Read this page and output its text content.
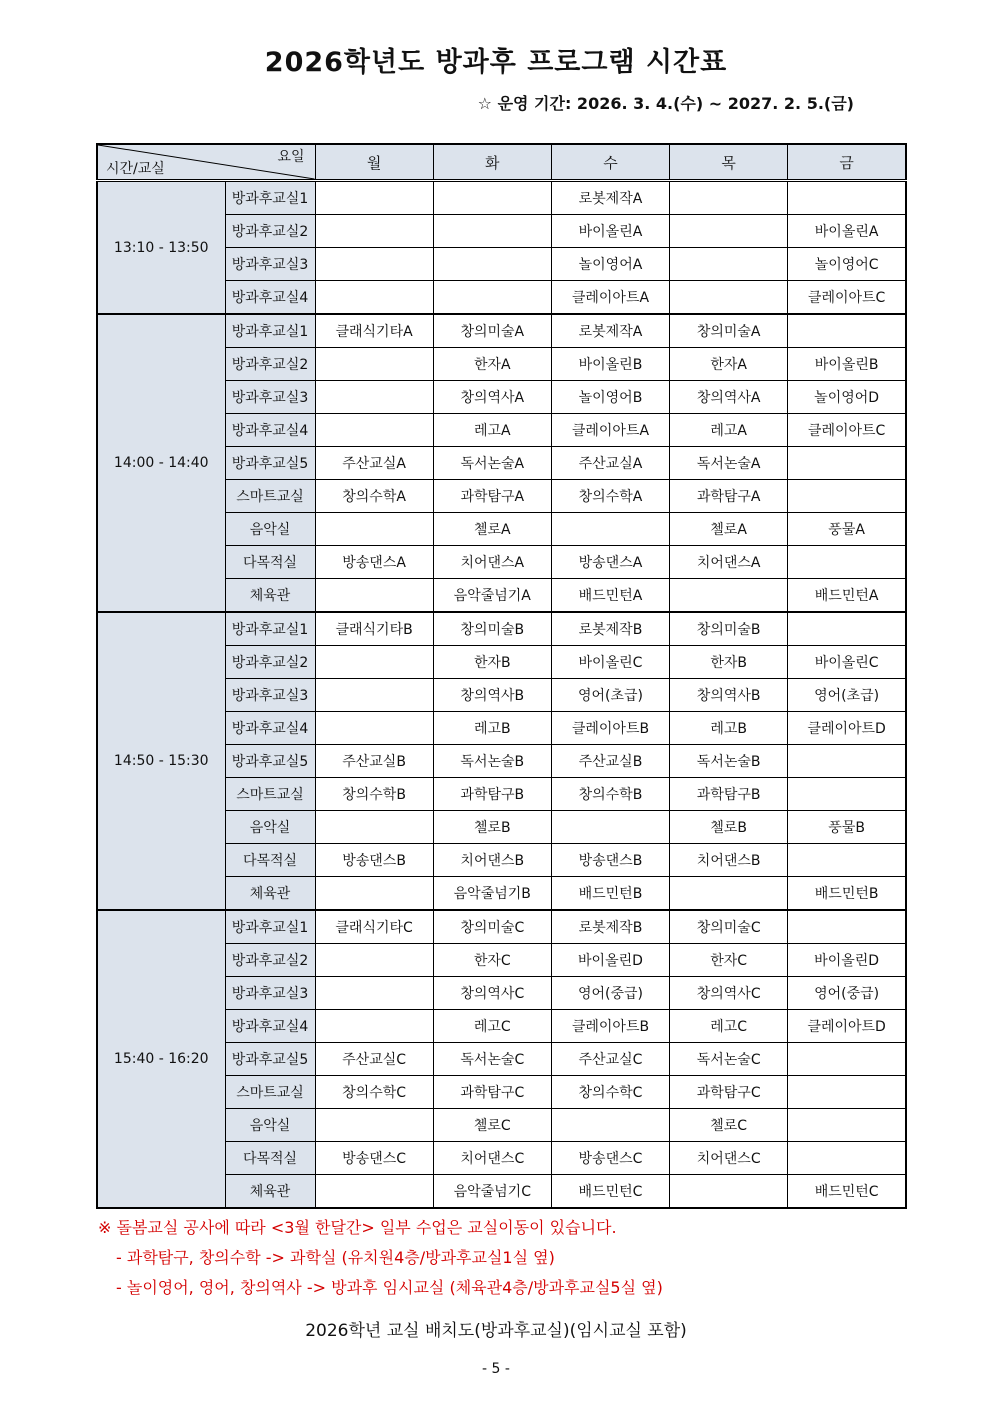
2026학년도 방과후 프로그램 시간표
☆ 운영 기간: 2026. 3. 4.(수) ~ 2027. 2. 5.(금)
요일
시간/교실		월	화	수	목	금
13:10 - 13:50	방과후교실1			로봇제작A		
	방과후교실2			바이올린A		바이올린A
	방과후교실3			놀이영어A		놀이영어C
	방과후교실4			클레이아트A		클레이아트C
14:00 - 14:40	방과후교실1	클래식기타A	창의미술A	로봇제작A	창의미술A	
	방과후교실2		한자A	바이올린B	한자A	바이올린B
	방과후교실3		창의역사A	놀이영어B	창의역사A	놀이영어D
	방과후교실4		레고A	클레이아트A	레고A	클레이아트C
	방과후교실5	주산교실A	독서논술A	주산교실A	독서논술A	
	스마트교실	창의수학A	과학탐구A	창의수학A	과학탐구A	
	음악실		첼로A		첼로A	풍물A
	다목적실	방송댄스A	치어댄스A	방송댄스A	치어댄스A	
	체육관		음악줄넘기A	배드민턴A		배드민턴A
14:50 - 15:30	방과후교실1	클래식기타B	창의미술B	로봇제작B	창의미술B	
	방과후교실2		한자B	바이올린C	한자B	바이올린C
	방과후교실3		창의역사B	영어(초급)	창의역사B	영어(초급)
	방과후교실4		레고B	클레이아트B	레고B	클레이아트D
	방과후교실5	주산교실B	독서논술B	주산교실B	독서논술B	
	스마트교실	창의수학B	과학탐구B	창의수학B	과학탐구B	
	음악실		첼로B		첼로B	풍물B
	다목적실	방송댄스B	치어댄스B	방송댄스B	치어댄스B	
	체육관		음악줄넘기B	배드민턴B		배드민턴B
15:40 - 16:20	방과후교실1	클래식기타C	창의미술C	로봇제작B	창의미술C	
	방과후교실2		한자C	바이올린D	한자C	바이올린D
	방과후교실3		창의역사C	영어(중급)	창의역사C	영어(중급)
	방과후교실4		레고C	클레이아트B	레고C	클레이아트D
	방과후교실5	주산교실C	독서논술C	주산교실C	독서논술C	
	스마트교실	창의수학C	과학탐구C	창의수학C	과학탐구C	
	음악실		첼로C		첼로C	
	다목적실	방송댄스C	치어댄스C	방송댄스C	치어댄스C	
	체육관		음악줄넘기C	배드민턴C		배드민턴C
※ 돌봄교실 공사에 따라 <3월 한달간> 일부 수업은 교실이동이 있습니다.
- 과학탐구, 창의수학 -> 과학실 (유치원4층/방과후교실1실 옆)
- 놀이영어, 영어, 창의역사 -> 방과후 임시교실 (체육관4층/방과후교실5실 옆)
2026학년 교실 배치도(방과후교실)(임시교실 포함)
- 5 -
